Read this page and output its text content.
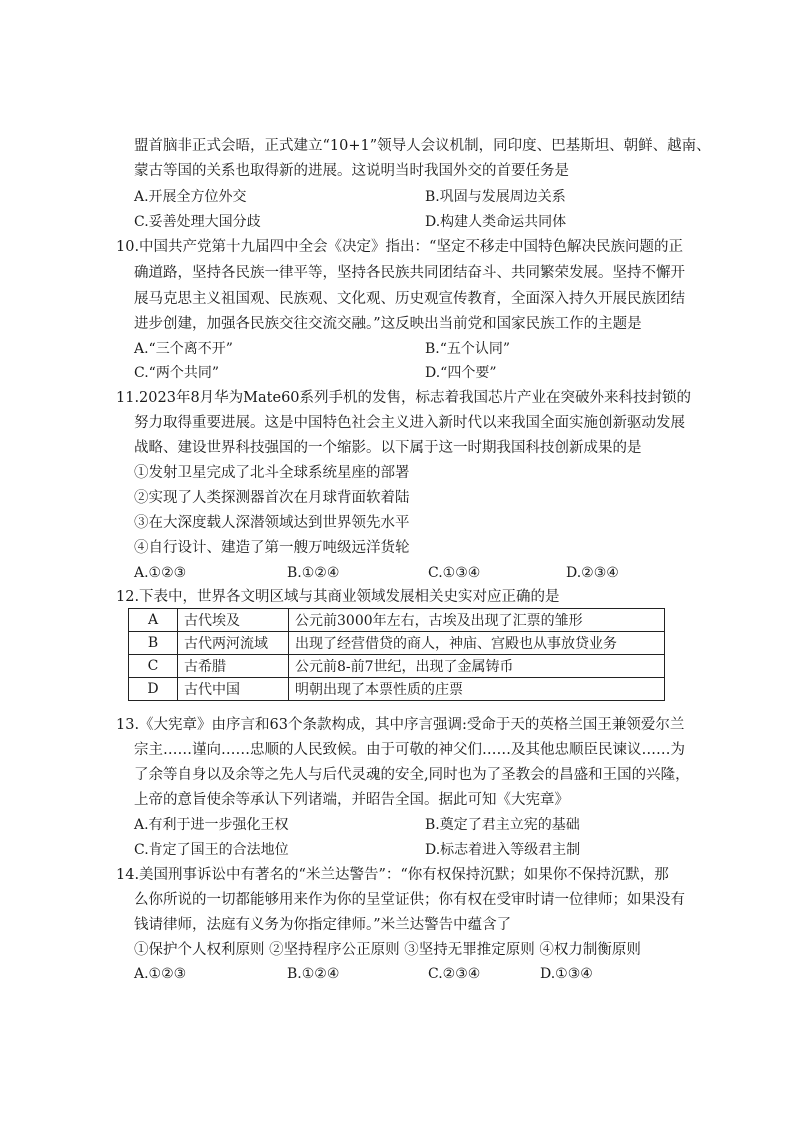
盟首脑非正式会晤，正式建立“10+1”领导人会议机制，同印度、巴基斯坦、朝鲜、越南、
蒙古等国的关系也取得新的进展。这说明当时我国外交的首要任务是
A.开展全方位外交	B.巩固与发展周边关系
C.妥善处理大国分歧	D.构建人类命运共同体
10.中国共产党第十九届四中全会《决定》指出：“坚定不移走中国特色解决民族问题的正
确道路，坚持各民族一律平等，坚持各民族共同团结奋斗、共同繁荣发展。坚持不懈开
展马克思主义祖国观、民族观、文化观、历史观宣传教育，全面深入持久开展民族团结
进步创建，加强各民族交往交流交融。”这反映出当前党和国家民族工作的主题是
A.“三个离不开”	B.“五个认同”
C.“两个共同”	D.“四个要”
11.2023年8月华为Mate60系列手机的发售，标志着我国芯片产业在突破外来科技封锁的
努力取得重要进展。这是中国特色社会主义进入新时代以来我国全面实施创新驱动发展
战略、建设世界科技强国的一个缩影。以下属于这一时期我国科技创新成果的是
①发射卫星完成了北斗全球系统星座的部署
②实现了人类探测器首次在月球背面软着陆
③在大深度载人深潜领域达到世界领先水平
④自行设计、建造了第一艘万吨级远洋货轮
A.①②③	B.①②④	C.①③④	D.②③④
12.下表中，世界各文明区域与其商业领域发展相关史实对应正确的是
A	古代埃及	公元前3000年左右，古埃及出现了汇票的雏形
B	古代两河流域	出现了经营借贷的商人，神庙、宫殿也从事放贷业务
C	古希腊	公元前8-前7世纪，出现了金属铸币
D	古代中国	明朝出现了本票性质的庄票
13.《大宪章》由序言和63个条款构成，其中序言强调:受命于天的英格兰国王兼领爱尔兰
宗主……谨向……忠顺的人民致候。由于可敬的神父们……及其他忠顺臣民谏议……为
了余等自身以及余等之先人与后代灵魂的安全,同时也为了圣教会的昌盛和王国的兴隆，
上帝的意旨使余等承认下列诸端，并昭告全国。据此可知《大宪章》
A.有利于进一步强化王权	B.奠定了君主立宪的基础
C.肯定了国王的合法地位	D.标志着进入等级君主制
14.美国刑事诉讼中有著名的“米兰达警告”：“你有权保持沉默；如果你不保持沉默，那
么你所说的一切都能够用来作为你的呈堂证供；你有权在受审时请一位律师；如果没有
钱请律师，法庭有义务为你指定律师。”米兰达警告中蕴含了
①保护个人权利原则 ②坚持程序公正原则 ③坚持无罪推定原则 ④权力制衡原则
A.①②③	B.①②④	C.②③④	D.①③④
